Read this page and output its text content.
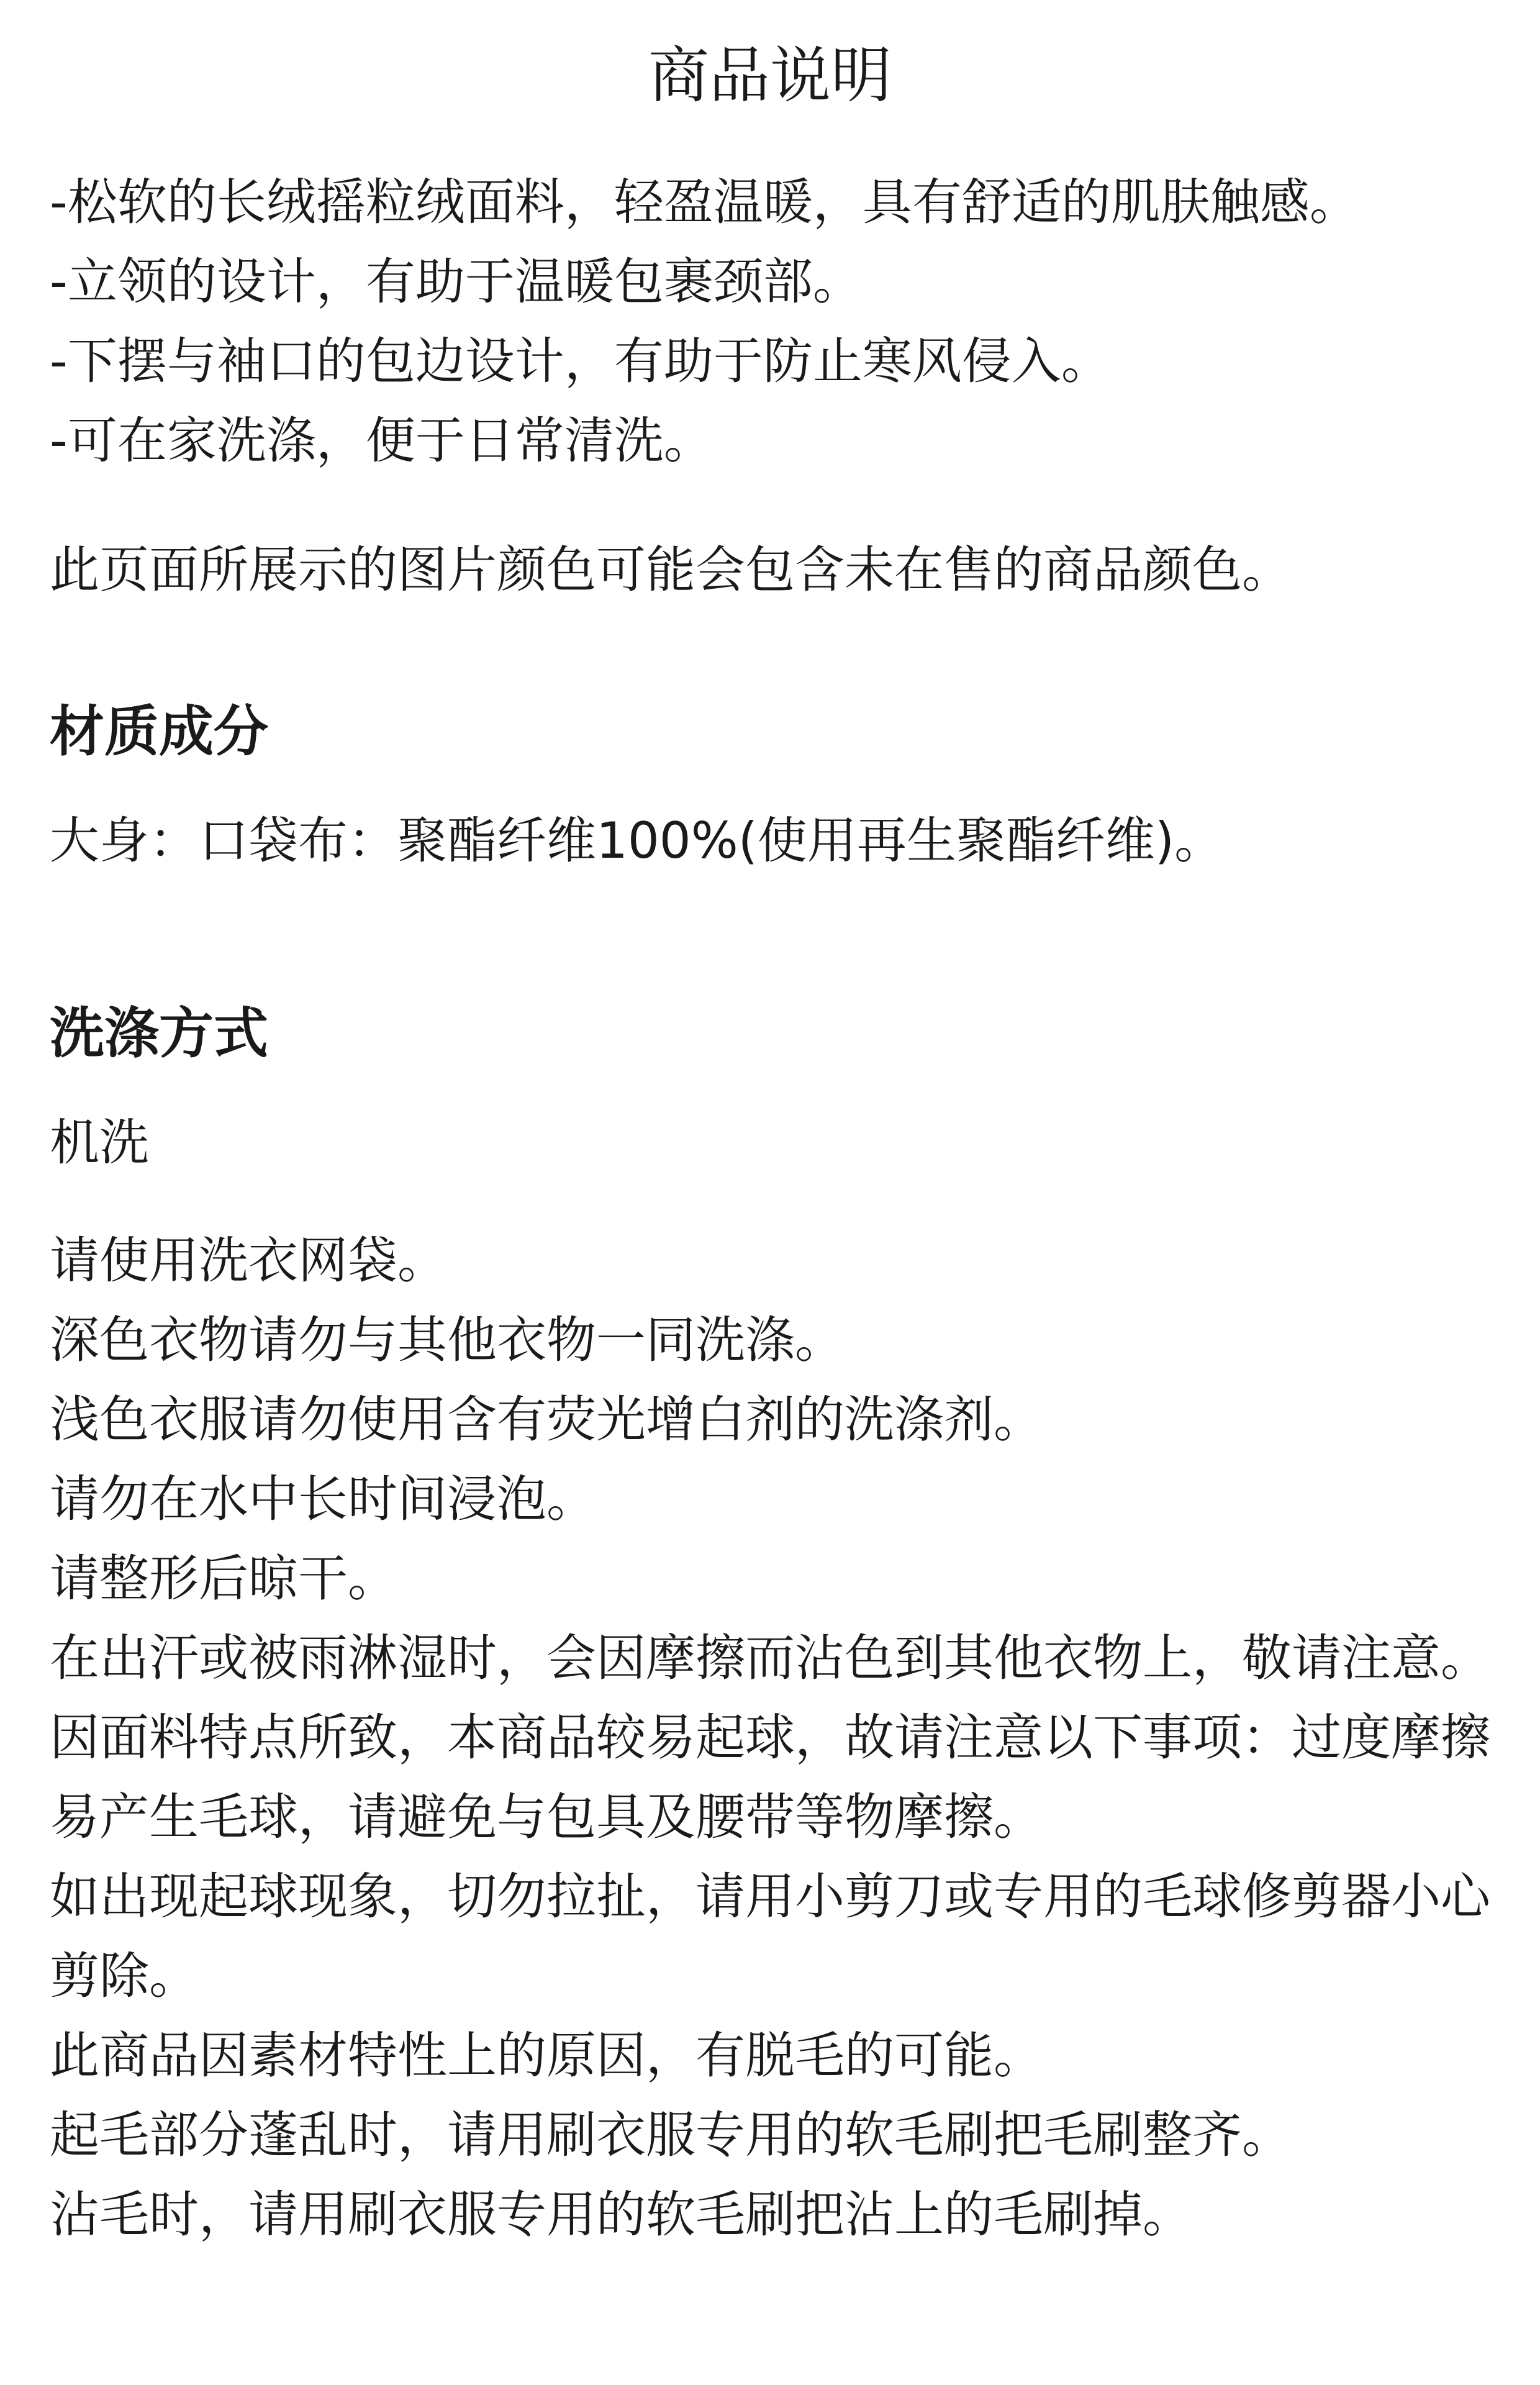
商品说明
-松软的长绒摇粒绒面料，轻盈温暖，具有舒适的肌肤触感。
-立领的设计，有助于温暖包裹颈部。
-下摆与袖口的包边设计，有助于防止寒风侵入。
-可在家洗涤，便于日常清洗。
此页面所展示的图片颜色可能会包含未在售的商品颜色。
材质成分
大身：口袋布：聚酯纤维100%(使用再生聚酯纤维)。
洗涤方式
机洗
请使用洗衣网袋。
深色衣物请勿与其他衣物一同洗涤。
浅色衣服请勿使用含有荧光增白剂的洗涤剂。
请勿在水中长时间浸泡。
请整形后晾干。
在出汗或被雨淋湿时，会因摩擦而沾色到其他衣物上，敬请注意。
因面料特点所致，本商品较易起球，故请注意以下事项：过度摩擦易产生毛球，请避免与包具及腰带等物摩擦。
如出现起球现象，切勿拉扯，请用小剪刀或专用的毛球修剪器小心剪除。
此商品因素材特性上的原因，有脱毛的可能。
起毛部分蓬乱时，请用刷衣服专用的软毛刷把毛刷整齐。
沾毛时，请用刷衣服专用的软毛刷把沾上的毛刷掉。
